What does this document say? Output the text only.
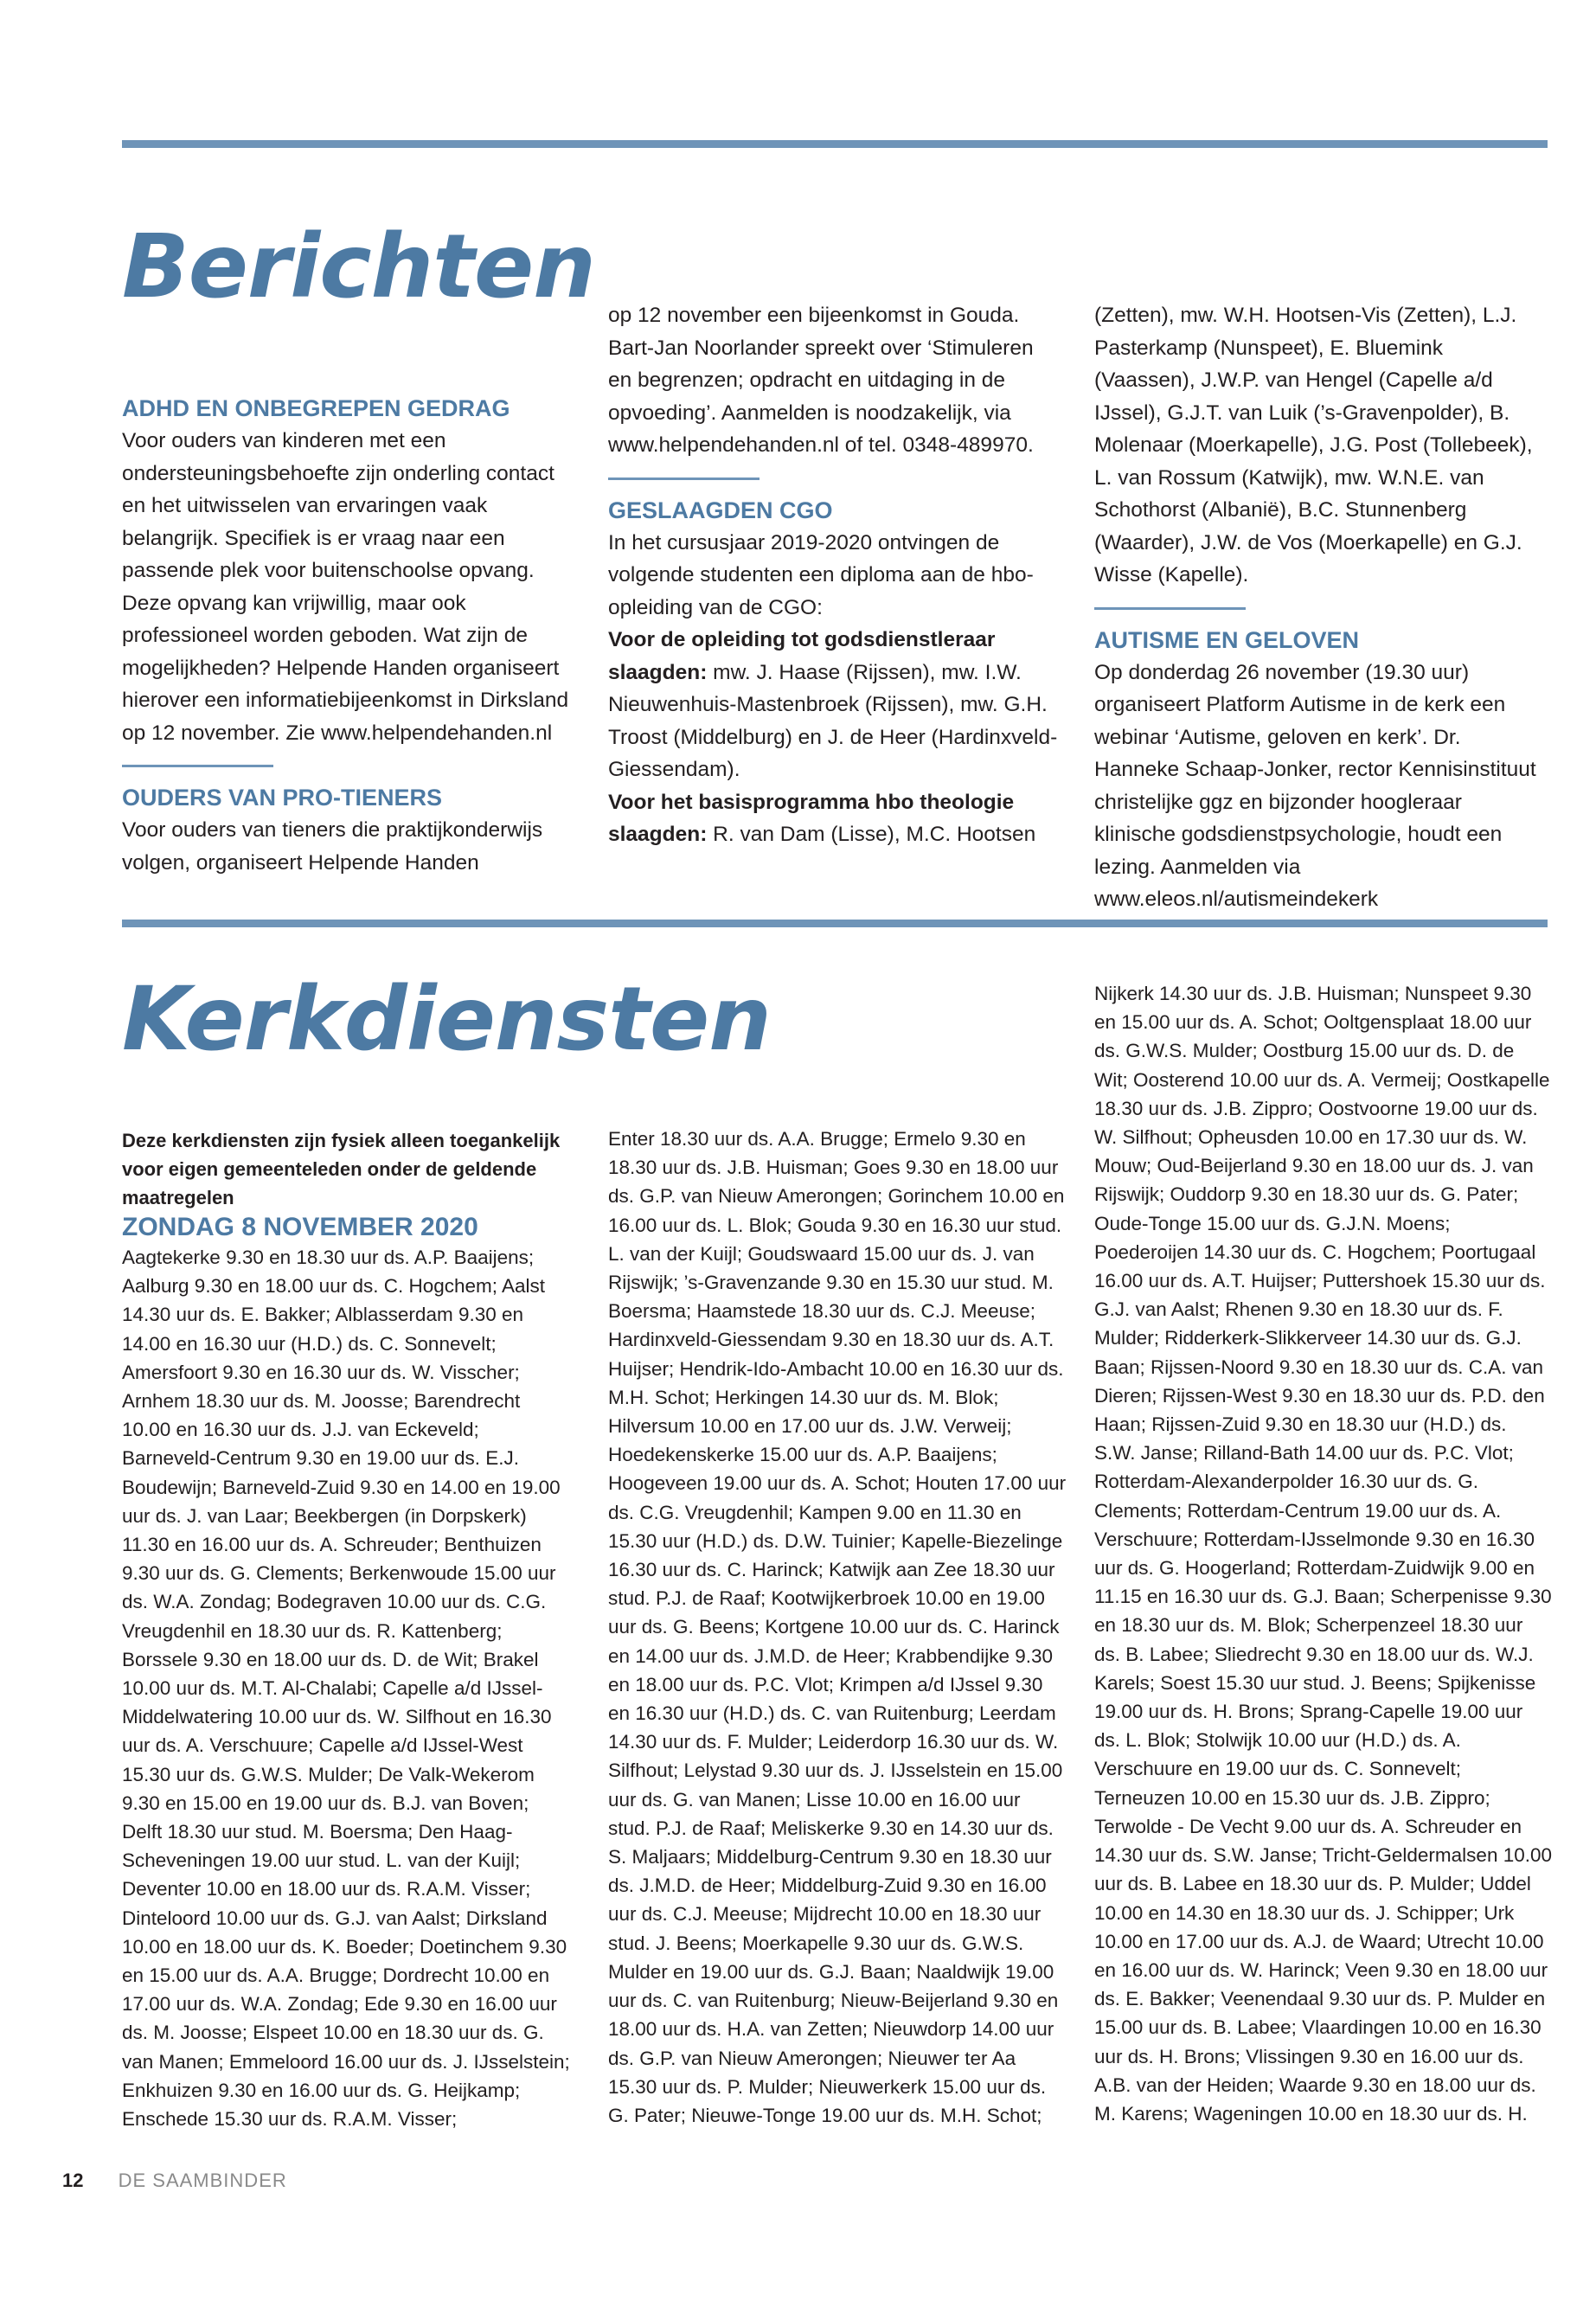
Berichten
ADHD EN ONBEGREPEN GEDRAG

Voor ouders van kinderen met een ondersteuningsbehoefte zijn onderling contact en het uitwisselen van ervaringen vaak belangrijk. Specifiek is er vraag naar een passende plek voor buitenschoolse opvang. Deze opvang kan vrijwillig, maar ook professioneel worden geboden. Wat zijn de mogelijkheden? Helpende Handen organiseert hierover een informatiebijeenkomst in Dirksland op 12 november. Zie www.helpendehanden.nl

OUDERS VAN PRO-TIENERS

Voor ouders van tieners die praktijkonderwijs volgen, organiseert Helpende Handen

op 12 november een bijeenkomst in Gouda. Bart-Jan Noorlander spreekt over ‘Stimuleren en begrenzen; opdracht en uitdaging in de opvoeding’. Aanmelden is noodzakelijk, via www.helpendehanden.nl of tel. 0348-489970.

GESLAAGDEN CGO

In het cursusjaar 2019-2020 ontvingen de volgende studenten een diploma aan de hbo-opleiding van de CGO:

Voor de opleiding tot godsdienstleraar slaagden: mw. J. Haase (Rijssen), mw. I.W. Nieuwenhuis-Mastenbroek (Rijssen), mw. G.H. Troost (Middelburg) en J. de Heer (Hardinxveld-Giessendam).

Voor het basisprogramma hbo theologie slaagden: R. van Dam (Lisse), M.C. Hootsen

(Zetten), mw. W.H. Hootsen-Vis (Zetten), L.J. Pasterkamp (Nunspeet), E. Bluemink (Vaassen), J.W.P. van Hengel (Capelle a/d IJssel), G.J.T. van Luik (’s-Gravenpolder), B. Molenaar (Moerkapelle), J.G. Post (Tollebeek), L. van Rossum (Katwijk), mw. W.N.E. van Schothorst (Albanië), B.C. Stunnenberg (Waarder), J.W. de Vos (Moerkapelle) en G.J. Wisse (Kapelle).

AUTISME EN GELOVEN

Op donderdag 26 november (19.30 uur) organiseert Platform Autisme in de kerk een webinar ‘Autisme, geloven en kerk’. Dr. Hanneke Schaap-Jonker, rector Kennisinstituut christelijke ggz en bijzonder hoogleraar klinische godsdienstpsychologie, houdt een lezing. Aanmelden via www.eleos.nl/autismeindekerk

Kerkdiensten

Deze kerkdiensten zijn fysiek alleen toegankelijk voor eigen gemeenteleden onder de geldende maatregelen

ZONDAG 8 NOVEMBER 2020

Aagtekerke 9.30 en 18.30 uur ds. A.P. Baaijens; Aalburg 9.30 en 18.00 uur ds. C. Hogchem; Aalst 14.30 uur ds. E. Bakker; Alblasserdam 9.30 en 14.00 en 16.30 uur (H.D.) ds. C. Sonnevelt; Amersfoort 9.30 en 16.30 uur ds. W. Visscher; Arnhem 18.30 uur ds. M. Joosse; Barendrecht 10.00 en 16.30 uur ds. J.J. van Eckeveld; Barneveld-Centrum 9.30 en 19.00 uur ds. E.J. Boudewijn; Barneveld-Zuid 9.30 en 14.00 en 19.00 uur ds. J. van Laar; Beekbergen (in Dorpskerk) 11.30 en 16.00 uur ds. A. Schreuder; Benthuizen 9.30 uur ds. G. Clements; Berkenwoude 15.00 uur ds. W.A. Zondag; Bodegraven 10.00 uur ds. C.G. Vreugdenhil en 18.30 uur ds. R. Kattenberg; Borssele 9.30 en 18.00 uur ds. D. de Wit; Brakel 10.00 uur ds. M.T. Al-Chalabi; Capelle a/d IJssel-Middelwatering 10.00 uur ds. W. Silfhout en 16.30 uur ds. A. Verschuure; Capelle a/d IJssel-West 15.30 uur ds. G.W.S. Mulder; De Valk-Wekerom 9.30 en 15.00 en 19.00 uur ds. B.J. van Boven; Delft 18.30 uur stud. M. Boersma; Den Haag-Scheveningen 19.00 uur stud. L. van der Kuijl; Deventer 10.00 en 18.00 uur ds. R.A.M. Visser; Dinteloord 10.00 uur ds. G.J. van Aalst; Dirksland 10.00 en 18.00 uur ds. K. Boeder; Doetinchem 9.30 en 15.00 uur ds. A.A. Brugge; Dordrecht 10.00 en 17.00 uur ds. W.A. Zondag; Ede 9.30 en 16.00 uur ds. M. Joosse; Elspeet 10.00 en 18.30 uur ds. G. van Manen; Emmeloord 16.00 uur ds. J. IJsselstein; Enkhuizen 9.30 en 16.00 uur ds. G. Heijkamp; Enschede 15.30 uur ds. R.A.M. Visser;

Enter 18.30 uur ds. A.A. Brugge; Ermelo 9.30 en 18.30 uur ds. J.B. Huisman; Goes 9.30 en 18.00 uur ds. G.P. van Nieuw Amerongen; Gorinchem 10.00 en 16.00 uur ds. L. Blok; Gouda 9.30 en 16.30 uur stud. L. van der Kuijl; Goudswaard 15.00 uur ds. J. van Rijswijk; ’s-Gravenzande 9.30 en 15.30 uur stud. M. Boersma; Haamstede 18.30 uur ds. C.J. Meeuse; Hardinxveld-Giessendam 9.30 en 18.30 uur ds. A.T. Huijser; Hendrik-Ido-Ambacht 10.00 en 16.30 uur ds. M.H. Schot; Herkingen 14.30 uur ds. M. Blok; Hilversum 10.00 en 17.00 uur ds. J.W. Verweij; Hoedekenskerke 15.00 uur ds. A.P. Baaijens; Hoogeveen 19.00 uur ds. A. Schot; Houten 17.00 uur ds. C.G. Vreugdenhil; Kampen 9.00 en 11.30 en 15.30 uur (H.D.) ds. D.W. Tuinier; Kapelle-Biezelinge 16.30 uur ds. C. Harinck; Katwijk aan Zee 18.30 uur stud. P.J. de Raaf; Kootwijkerbroek 10.00 en 19.00 uur ds. G. Beens; Kortgene 10.00 uur ds. C. Harinck en 14.00 uur ds. J.M.D. de Heer; Krabbendijke 9.30 en 18.00 uur ds. P.C. Vlot; Krimpen a/d IJssel 9.30 en 16.30 uur (H.D.) ds. C. van Ruitenburg; Leerdam 14.30 uur ds. F. Mulder; Leiderdorp 16.30 uur ds. W. Silfhout; Lelystad 9.30 uur ds. J. IJsselstein en 15.00 uur ds. G. van Manen; Lisse 10.00 en 16.00 uur stud. P.J. de Raaf; Meliskerke 9.30 en 14.30 uur ds. S. Maljaars; Middelburg-Centrum 9.30 en 18.30 uur ds. J.M.D. de Heer; Middelburg-Zuid 9.30 en 16.00 uur ds. C.J. Meeuse; Mijdrecht 10.00 en 18.30 uur stud. J. Beens; Moerkapelle 9.30 uur ds. G.W.S. Mulder en 19.00 uur ds. G.J. Baan; Naaldwijk 19.00 uur ds. C. van Ruitenburg; Nieuw-Beijerland 9.30 en 18.00 uur ds. H.A. van Zetten; Nieuwdorp 14.00 uur ds. G.P. van Nieuw Amerongen; Nieuwer ter Aa 15.30 uur ds. P. Mulder; Nieuwerkerk 15.00 uur ds. G. Pater; Nieuwe-Tonge 19.00 uur ds. M.H. Schot;

Nijkerk 14.30 uur ds. J.B. Huisman; Nunspeet 9.30 en 15.00 uur ds. A. Schot; Ooltgensplaat 18.00 uur ds. G.W.S. Mulder; Oostburg 15.00 uur ds. D. de Wit; Oosterend 10.00 uur ds. A. Vermeij; Oostkapelle 18.30 uur ds. J.B. Zippro; Oostvoorne 19.00 uur ds. W. Silfhout; Opheusden 10.00 en 17.30 uur ds. W. Mouw; Oud-Beijerland 9.30 en 18.00 uur ds. J. van Rijswijk; Ouddorp 9.30 en 18.30 uur ds. G. Pater; Oude-Tonge 15.00 uur ds. G.J.N. Moens; Poederoijen 14.30 uur ds. C. Hogchem; Poortugaal 16.00 uur ds. A.T. Huijser; Puttershoek 15.30 uur ds. G.J. van Aalst; Rhenen 9.30 en 18.30 uur ds. F. Mulder; Ridderkerk-Slikkerveer 14.30 uur ds. G.J. Baan; Rijssen-Noord 9.30 en 18.30 uur ds. C.A. van Dieren; Rijssen-West 9.30 en 18.30 uur ds. P.D. den Haan; Rijssen-Zuid 9.30 en 18.30 uur (H.D.) ds. S.W. Janse; Rilland-Bath 14.00 uur ds. P.C. Vlot; Rotterdam-Alexanderpolder 16.30 uur ds. G. Clements; Rotterdam-Centrum 19.00 uur ds. A. Verschuure; Rotterdam-IJsselmonde 9.30 en 16.30 uur ds. G. Hoogerland; Rotterdam-Zuidwijk 9.00 en 11.15 en 16.30 uur ds. G.J. Baan; Scherpenisse 9.30 en 18.30 uur ds. M. Blok; Scherpenzeel 18.30 uur ds. B. Labee; Sliedrecht 9.30 en 18.00 uur ds. W.J. Karels; Soest 15.30 uur stud. J. Beens; Spijkenisse 19.00 uur ds. H. Brons; Sprang-Capelle 19.00 uur ds. L. Blok; Stolwijk 10.00 uur (H.D.) ds. A. Verschuure en 19.00 uur ds. C. Sonnevelt; Terneuzen 10.00 en 15.30 uur ds. J.B. Zippro; Terwolde - De Vecht 9.00 uur ds. A. Schreuder en 14.30 uur ds. S.W. Janse; Tricht-Geldermalsen 10.00 uur ds. B. Labee en 18.30 uur ds. P. Mulder; Uddel 10.00 en 14.30 en 18.30 uur ds. J. Schipper; Urk 10.00 en 17.00 uur ds. A.J. de Waard; Utrecht 10.00 en 16.00 uur ds. W. Harinck; Veen 9.30 en 18.00 uur ds. E. Bakker; Veenendaal 9.30 uur ds. P. Mulder en 15.00 uur ds. B. Labee; Vlaardingen 10.00 en 16.30 uur ds. H. Brons; Vlissingen 9.30 en 16.00 uur ds. A.B. van der Heiden; Waarde 9.30 en 18.00 uur ds. M. Karens; Wageningen 10.00 en 18.30 uur ds. H.

12 DE SAAMBINDER
